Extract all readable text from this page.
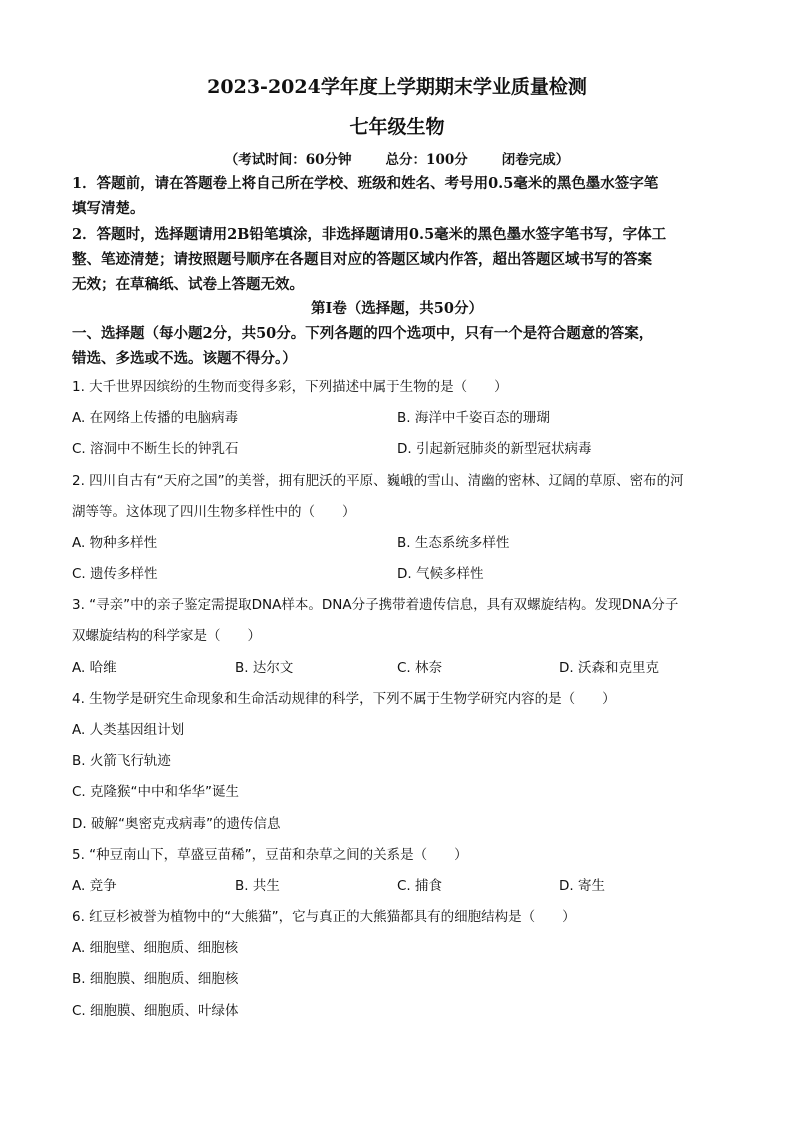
2023-2024学年度上学期期末学业质量检测
七年级生物
（考试时间：60分钟	总分：100分	闭卷完成）
1．答题前，请在答题卷上将自己所在学校、班级和姓名、考号用0.5毫米的黑色墨水签字笔
填写清楚。
2．答题时，选择题请用2B铅笔填涂，非选择题请用0.5毫米的黑色墨水签字笔书写，字体工
整、笔迹清楚；请按照题号顺序在各题目对应的答题区域内作答，超出答题区域书写的答案
无效；在草稿纸、试卷上答题无效。
第Ⅰ卷（选择题，共50分）
一、选择题（每小题2分，共50分。下列各题的四个选项中，只有一个是符合题意的答案，
错选、多选或不选。该题不得分。）
1. 大千世界因缤纷的生物而变得多彩，下列描述中属于生物的是（　　）
A. 在网络上传播的电脑病毒	B. 海洋中千姿百态的珊瑚
C. 溶洞中不断生长的钟乳石	D. 引起新冠肺炎的新型冠状病毒
2. 四川自古有“天府之国”的美誉，拥有肥沃的平原、巍峨的雪山、清幽的密林、辽阔的草原、密布的河
湖等等。这体现了四川生物多样性中的（　　）
A. 物种多样性	B. 生态系统多样性
C. 遗传多样性	D. 气候多样性
3. “寻亲”中的亲子鉴定需提取DNA样本。DNA分子携带着遗传信息，具有双螺旋结构。发现DNA分子
双螺旋结构的科学家是（　　）
A. 哈维	B. 达尔文	C. 林奈	D. 沃森和克里克
4. 生物学是研究生命现象和生命活动规律的科学，下列不属于生物学研究内容的是（　　）
A. 人类基因组计划
B. 火箭飞行轨迹
C. 克隆猴“中中和华华”诞生
D. 破解“奥密克戎病毒”的遗传信息
5. “种豆南山下，草盛豆苗稀”，豆苗和杂草之间的关系是（　　）
A. 竞争	B. 共生	C. 捕食	D. 寄生
6. 红豆杉被誉为植物中的“大熊猫”，它与真正的大熊猫都具有的细胞结构是（　　）
A. 细胞壁、细胞质、细胞核
B. 细胞膜、细胞质、细胞核
C. 细胞膜、细胞质、叶绿体
